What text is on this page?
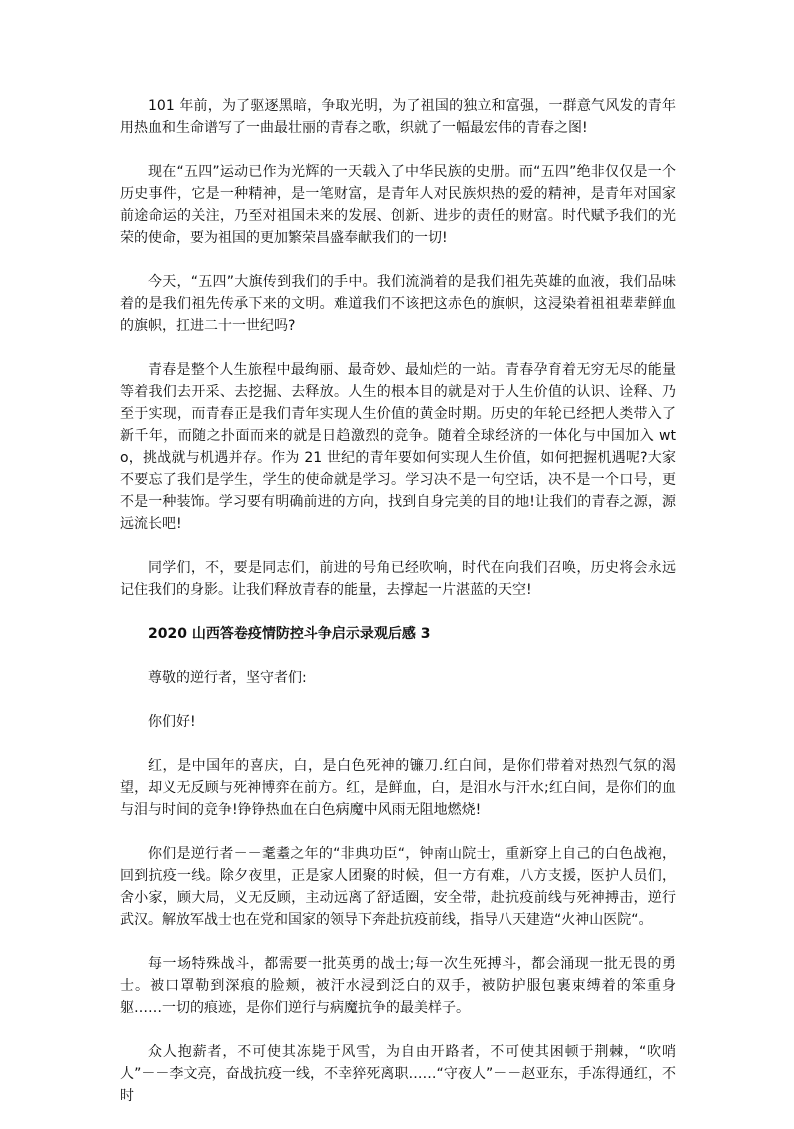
101 年前，为了驱逐黑暗，争取光明，为了祖国的独立和富强，一群意气风发的青年用热血和生命谱写了一曲最壮丽的青春之歌，织就了一幅最宏伟的青春之图!

现在“五四”运动已作为光辉的一天载入了中华民族的史册。而“五四”绝非仅仅是一个历史事件，它是一种精神，是一笔财富，是青年人对民族炽热的爱的精神，是青年对国家前途命运的关注，乃至对祖国未来的发展、创新、进步的责任的财富。时代赋予我们的光荣的使命，要为祖国的更加繁荣昌盛奉献我们的一切!

今天，“五四”大旗传到我们的手中。我们流淌着的是我们祖先英雄的血液，我们品味着的是我们祖先传承下来的文明。难道我们不该把这赤色的旗帜，这浸染着祖祖辈辈鲜血的旗帜，扛进二十一世纪吗?

青春是整个人生旅程中最绚丽、最奇妙、最灿烂的一站。青春孕育着无穷无尽的能量等着我们去开采、去挖掘、去释放。人生的根本目的就是对于人生价值的认识、诠释、乃至于实现，而青春正是我们青年实现人生价值的黄金时期。历史的年轮已经把人类带入了新千年，而随之扑面而来的就是日趋激烈的竞争。随着全球经济的一体化与中国加入 wto，挑战就与机遇并存。作为 21 世纪的青年要如何实现人生价值，如何把握机遇呢?大家不要忘了我们是学生，学生的使命就是学习。学习决不是一句空话，决不是一个口号，更不是一种装饰。学习要有明确前进的方向，找到自身完美的目的地!让我们的青春之源，源远流长吧!

同学们，不，要是同志们，前进的号角已经吹响，时代在向我们召唤，历史将会永远记住我们的身影。让我们释放青春的能量，去撑起一片湛蓝的天空!

2020 山西答卷疫情防控斗争启示录观后感 3

尊敬的逆行者，坚守者们:

你们好!

红，是中国年的喜庆，白，是白色死神的镰刀.红白间，是你们带着对热烈气氛的渴望，却义无反顾与死神博弈在前方。红，是鲜血，白，是泪水与汗水;红白间，是你们的血与泪与时间的竞争!铮铮热血在白色病魔中风雨无阻地燃烧!

你们是逆行者－－耄耋之年的“非典功臣“，钟南山院士，重新穿上自己的白色战袍，回到抗疫一线。除夕夜里，正是家人团聚的时候，但一方有难，八方支援，医护人员们，舍小家，顾大局，义无反顾，主动远离了舒适圈，安全带，赴抗疫前线与死神搏击，逆行武汉。解放军战士也在党和国家的领导下奔赴抗疫前线，指导八天建造“火神山医院“。

每一场特殊战斗，都需要一批英勇的战士;每一次生死搏斗，都会涌现一批无畏的勇士。被口罩勒到深痕的脸颊，被汗水浸到泛白的双手，被防护服包裹束缚着的笨重身躯……一切的痕迹，是你们逆行与病魔抗争的最美样子。

众人抱薪者，不可使其冻毙于风雪，为自由开路者，不可使其困顿于荆棘，“吹哨人”－－李文亮，奋战抗疫一线，不幸猝死离职……“守夜人”－－赵亚东，手冻得通红，不时
